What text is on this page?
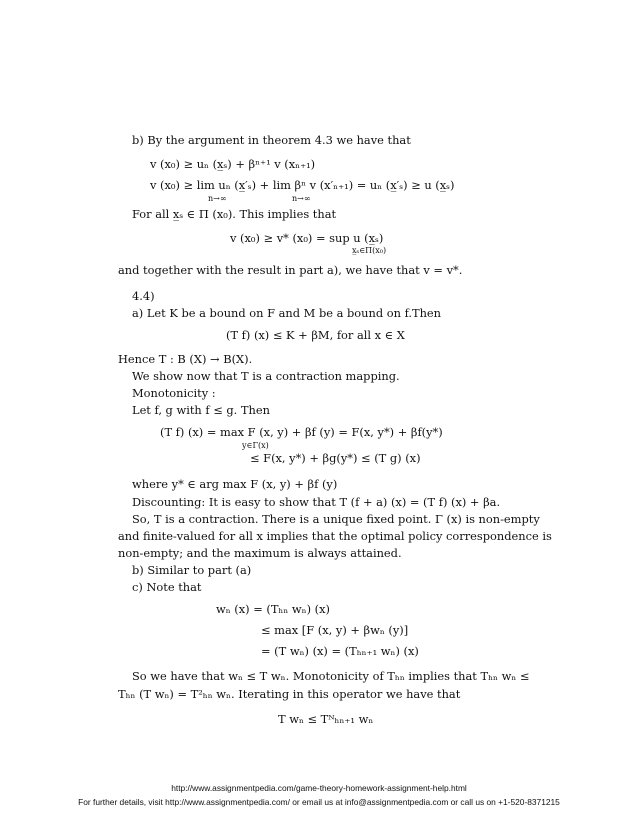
b) By the argument in theorem 4.3 we have that
v (x₀) ≥ uₙ (x̲ₛ) + βⁿ⁺¹ v (xₙ₊₁)
v (x₀) ≥ lim uₙ (x̲′ₛ) + lim βⁿ v (x′ₙ₊₁) = uₙ (x̲′ₛ) ≥ u (x̲ₛ)
n→∞	n→∞
For all x̲ₛ ∈ Π (x₀). This implies that
v (x₀) ≥ v* (x₀) = sup u (x̲ₛ)
x̲ₛ∈Π(x₀)
and together with the result in part a), we have that v = v*.
4.4)
a) Let K be a bound on F and M be a bound on f.Then
(T f) (x) ≤ K + βM, for all x ∈ X
Hence T : B (X) → B(X).
We show now that T is a contraction mapping.
Monotonicity :
Let f, g with f ≤ g. Then
(T f) (x) = max F (x, y) + βf (y) = F(x, y*) + βf(y*)
y∈Γ(x)
≤ F(x, y*) + βg(y*) ≤ (T g) (x)
where y* ∈ arg max F (x, y) + βf (y)
Discounting: It is easy to show that T (f + a) (x) = (T f) (x) + βa.
So, T is a contraction. There is a unique fixed point. Γ (x) is non-empty
and finite-valued for all x implies that the optimal policy correspondence is
non-empty; and the maximum is always attained.
b) Similar to part (a)
c) Note that
wₙ (x) = (Tₕₙ wₙ) (x)
≤ max [F (x, y) + βwₙ (y)]
= (T wₙ) (x) = (Tₕₙ₊₁ wₙ) (x)
So we have that wₙ ≤ T wₙ. Monotonicity of Tₕₙ implies that Tₕₙ wₙ ≤
Tₕₙ (T wₙ) = T²ₕₙ wₙ. Iterating in this operator we have that
T wₙ ≤ Tᴺₕₙ₊₁ wₙ
http://www.assignmentpedia.com/game-theory-homework-assignment-help.html
For further details, visit http://www.assignmentpedia.com/ or email us at info@assignmentpedia.com or call us on +1-520-8371215
